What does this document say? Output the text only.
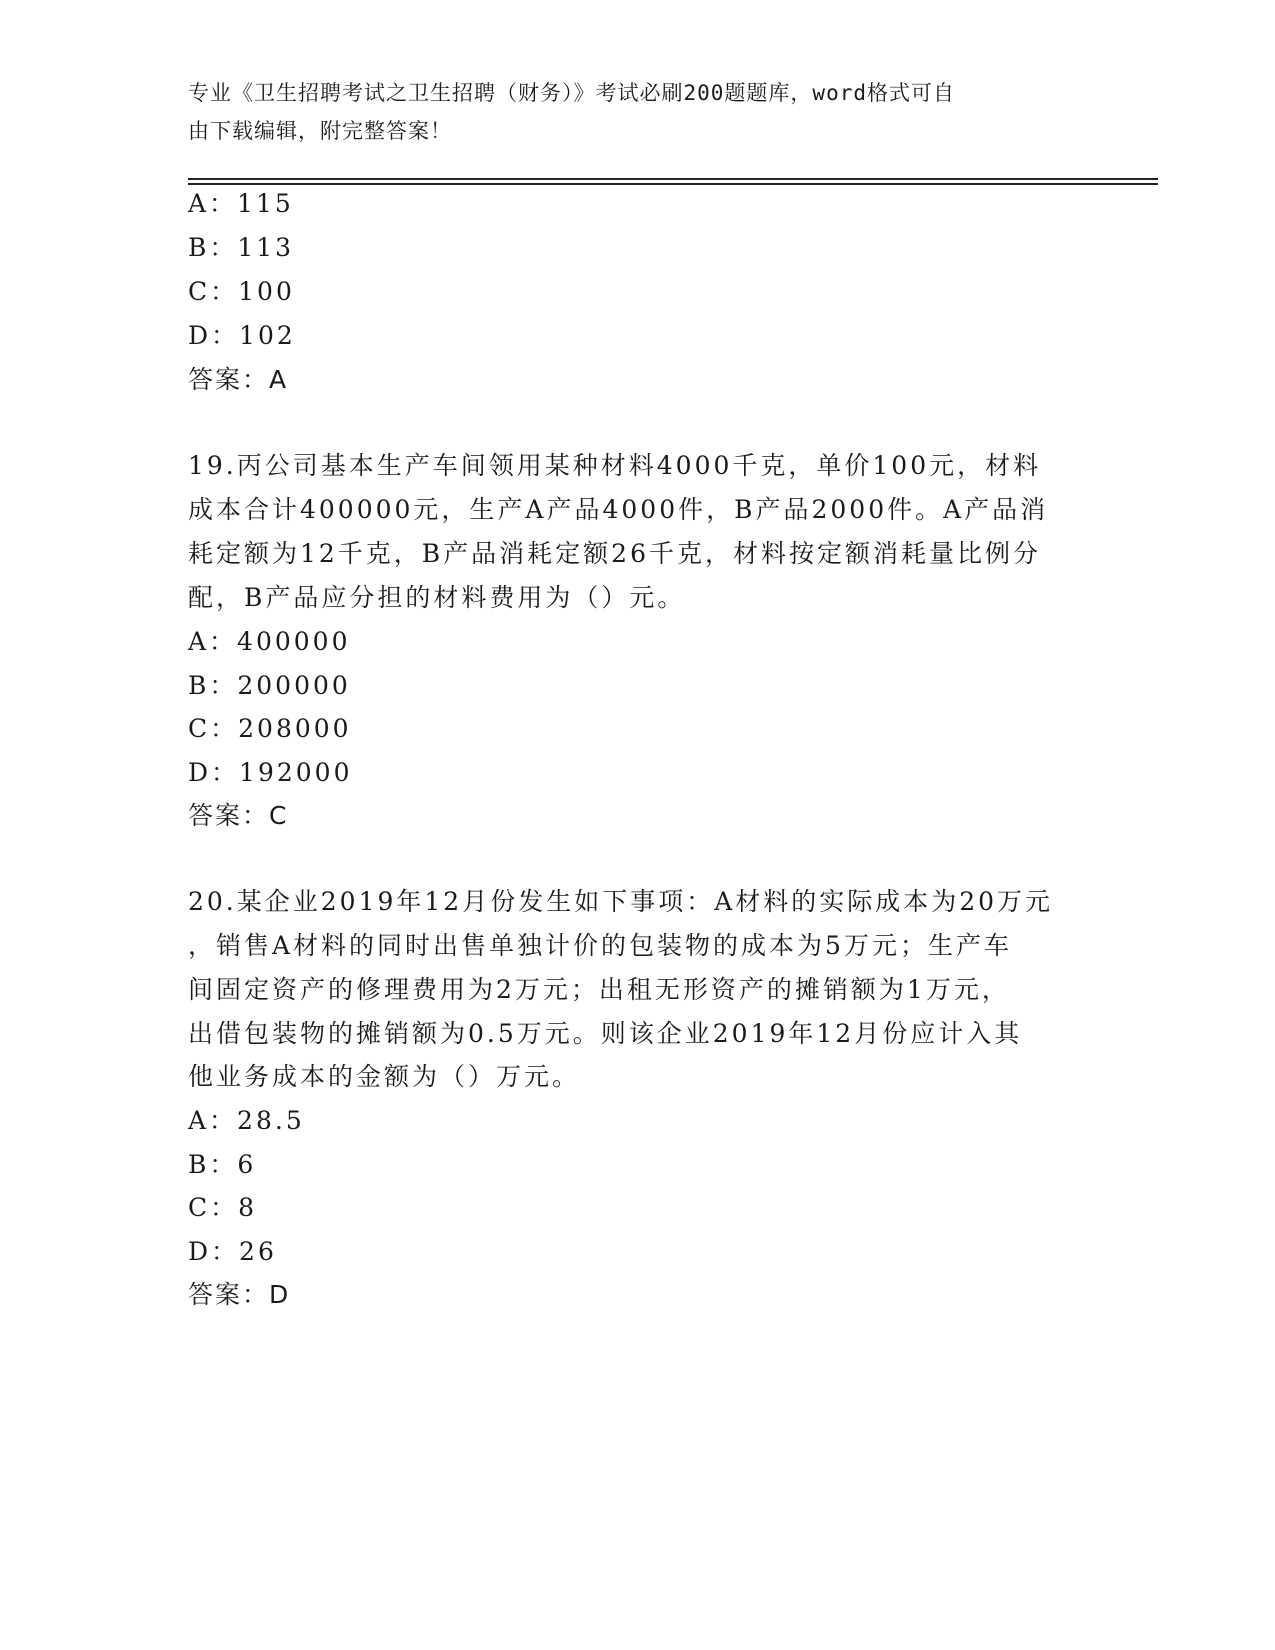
专业《卫生招聘考试之卫生招聘（财务）》考试必刷200题题库，word格式可自
由下载编辑，附完整答案！
A：115
B：113
C：100
D：102
答案：A
19.丙公司基本生产车间领用某种材料4000千克，单价100元，材料
成本合计400000元，生产A产品4000件，B产品2000件。A产品消
耗定额为12千克，B产品消耗定额26千克，材料按定额消耗量比例分
配，B产品应分担的材料费用为（）元。
A：400000
B：200000
C：208000
D：192000
答案：C
20.某企业2019年12月份发生如下事项：A材料的实际成本为20万元
，销售A材料的同时出售单独计价的包装物的成本为5万元；生产车
间固定资产的修理费用为2万元；出租无形资产的摊销额为1万元，
出借包装物的摊销额为0.5万元。则该企业2019年12月份应计入其
他业务成本的金额为（）万元。
A：28.5
B：6
C：8
D：26
答案：D
